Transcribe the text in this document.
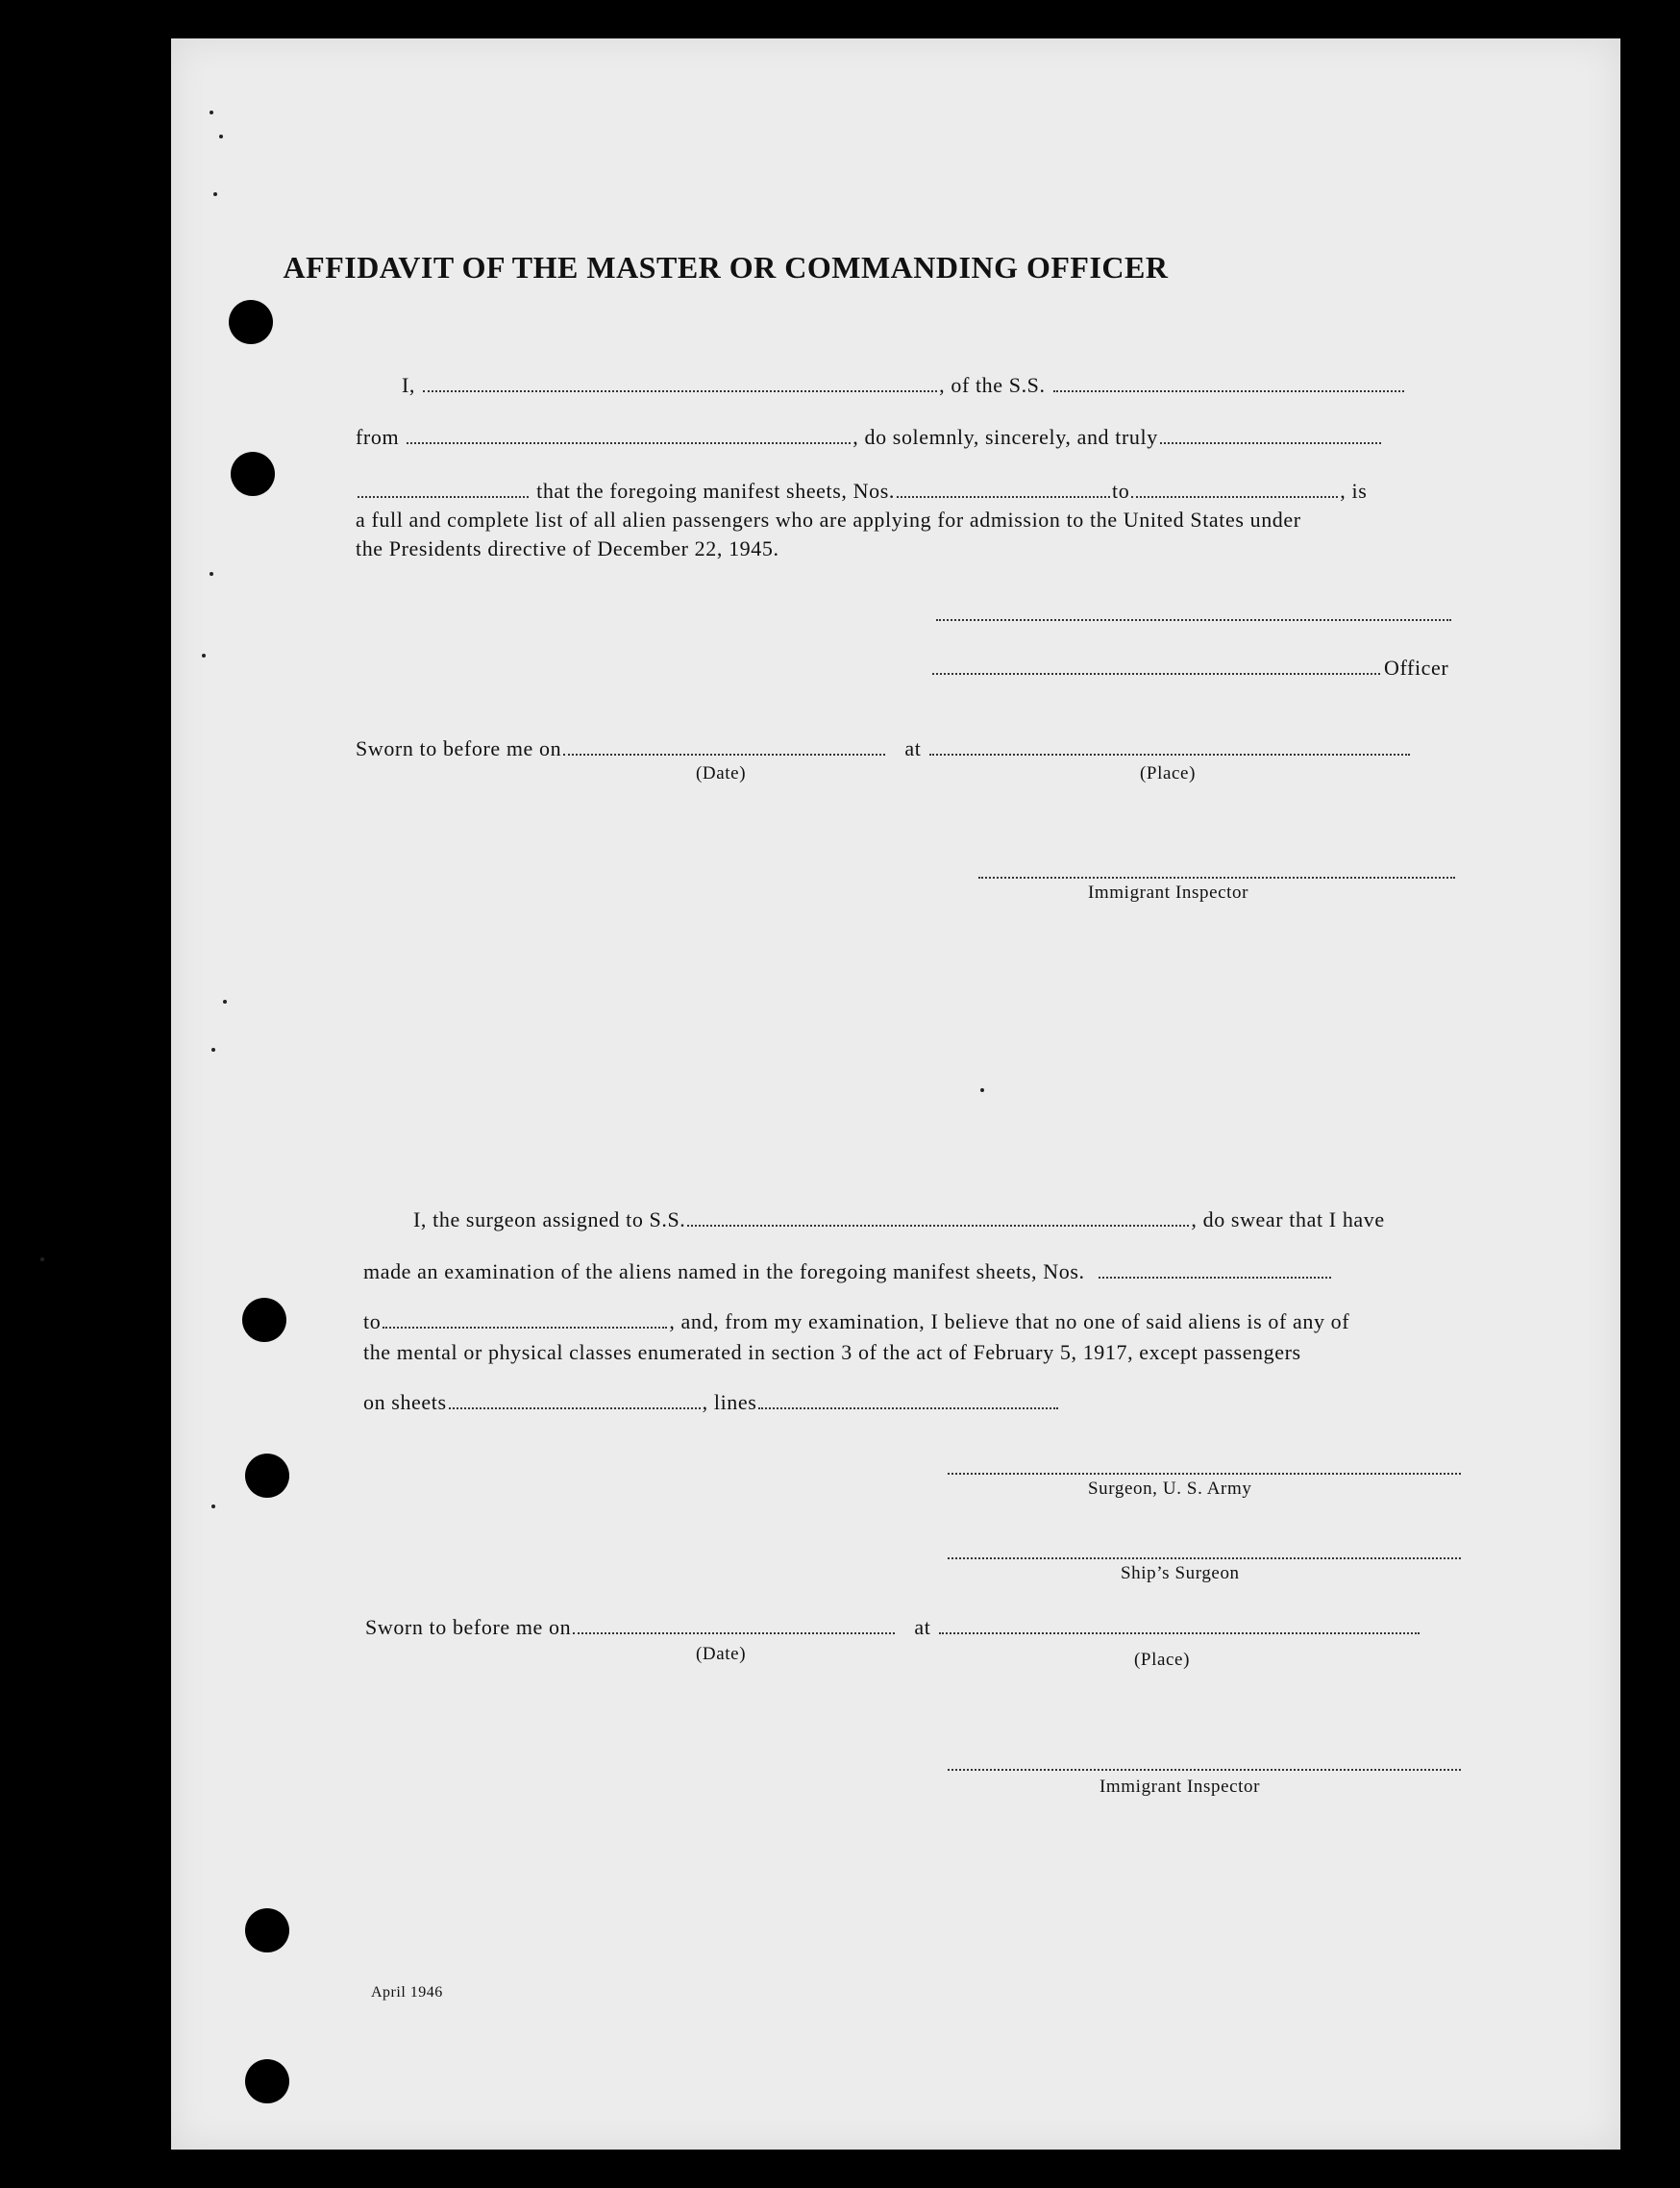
AFFIDAVIT OF THE MASTER OR COMMANDING OFFICER
I,	, of the S.S.
from	, do solemnly, sincerely, and truly
that the foregoing manifest sheets, Nos.	to	, is
a full and complete list of all alien passengers who are applying for admission to the United States under
the Presidents directive of December 22, 1945.
Officer
Sworn to before me on	at
(Date)	(Place)
Immigrant Inspector
I, the surgeon assigned to S.S.	, do swear that I have
made an examination of the aliens named in the foregoing manifest sheets, Nos.
to	, and, from my examination, I believe that no one of said aliens is of any of
the mental or physical classes enumerated in section 3 of the act of February 5, 1917, except passengers
on sheets	, lines
Surgeon, U. S. Army
Ship’s Surgeon
Sworn to before me on	at
(Date)	(Place)
Immigrant Inspector
April 1946
